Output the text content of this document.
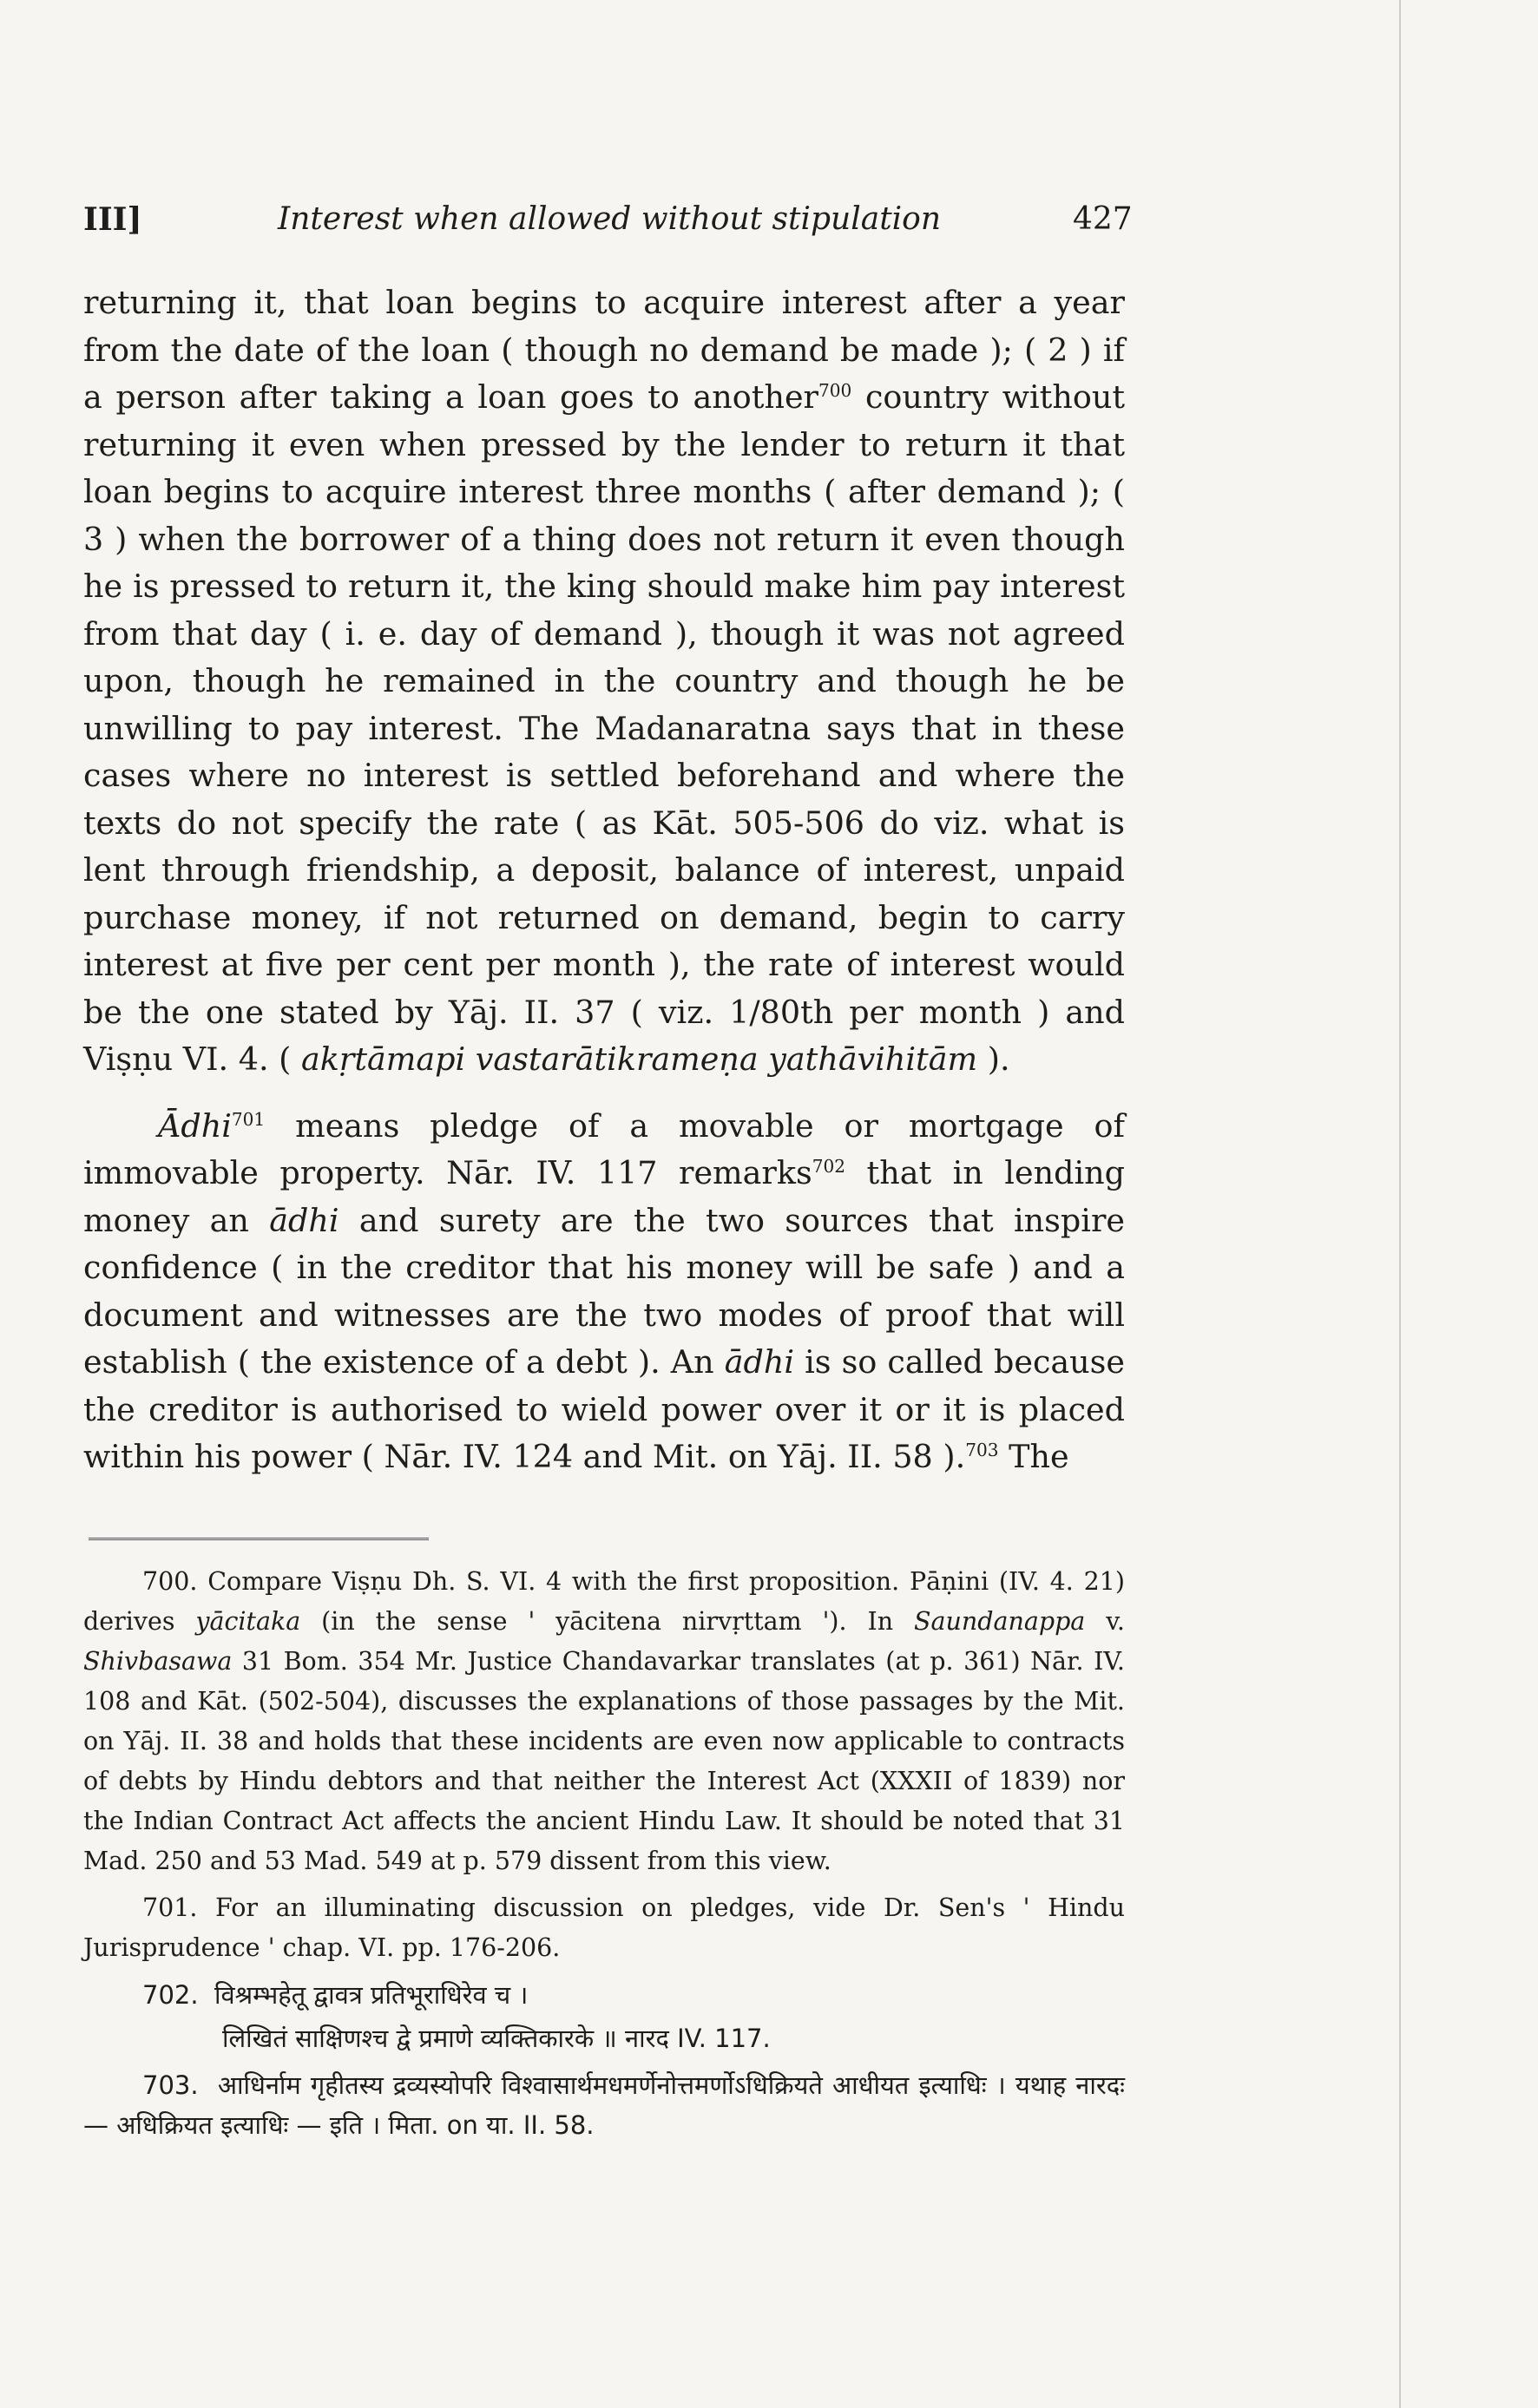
III]	Interest when allowed without stipulation	427

returning it, that loan begins to acquire interest after a year from the date of the loan ( though no demand be made ); ( 2 ) if a person after taking a loan goes to another$^{700}$ country without returning it even when pressed by the lender to return it that loan begins to acquire interest three months ( after demand ); ( 3 ) when the borrower of a thing does not return it even though he is pressed to return it, the king should make him pay interest from that day ( i. e. day of demand ), though it was not agreed upon, though he remained in the country and though he be unwilling to pay interest. The Madanaratna says that in these cases where no interest is settled beforehand and where the texts do not specify the rate ( as Kāt. 505-506 do viz. what is lent through friendship, a deposit, balance of interest, unpaid purchase money, if not returned on demand, begin to carry interest at five per cent per month ), the rate of interest would be the one stated by Yāj. II. 37 ( viz. 1/80th per month ) and Viṣṇu VI. 4. ( akṛtāmapi vastarātikrameṇa yathāvihitām ).

Ādhi$^{701}$ means pledge of a movable or mortgage of immovable property. Nār. IV. 117 remarks$^{702}$ that in lending money an ādhi and surety are the two sources that inspire confidence ( in the creditor that his money will be safe ) and a document and witnesses are the two modes of proof that will establish ( the existence of a debt ). An ādhi is so called because the creditor is authorised to wield power over it or it is placed within his power ( Nār. IV. 124 and Mit. on Yāj. II. 58 ).$^{703}$ The

700. Compare Viṣṇu Dh. S. VI. 4 with the first proposition. Pāṇini (IV. 4. 21) derives yācitaka (in the sense ' yācitena nirvṛttam '). In Saundanappa v. Shivbasawa 31 Bom. 354 Mr. Justice Chandavarkar translates (at p. 361) Nār. IV. 108 and Kāt. (502-504), discusses the explanations of those passages by the Mit. on Yāj. II. 38 and holds that these incidents are even now applicable to contracts of debts by Hindu debtors and that neither the Interest Act (XXXII of 1839) nor the Indian Contract Act affects the ancient Hindu Law. It should be noted that 31 Mad. 250 and 53 Mad. 549 at p. 579 dissent from this view.

701. For an illuminating discussion on pledges, vide Dr. Sen's ' Hindu Jurisprudence ' chap. VI. pp. 176-206.

702. विश्रम्भहेतू द्वावत्र प्रतिभूराधिरेव च ।

लिखितं साक्षिणश्च द्वे प्रमाणे व्यक्तिकारके ॥ नारद IV. 117.

703. आधिर्नाम गृहीतस्य द्रव्यस्योपरि विश्वासार्थमधमर्णेनोत्तमर्णोऽधिक्रियते आधीयत इत्याधिः । यथाह नारदः — अधिक्रियत इत्याधिः — इति । मिता. on या. II. 58.
